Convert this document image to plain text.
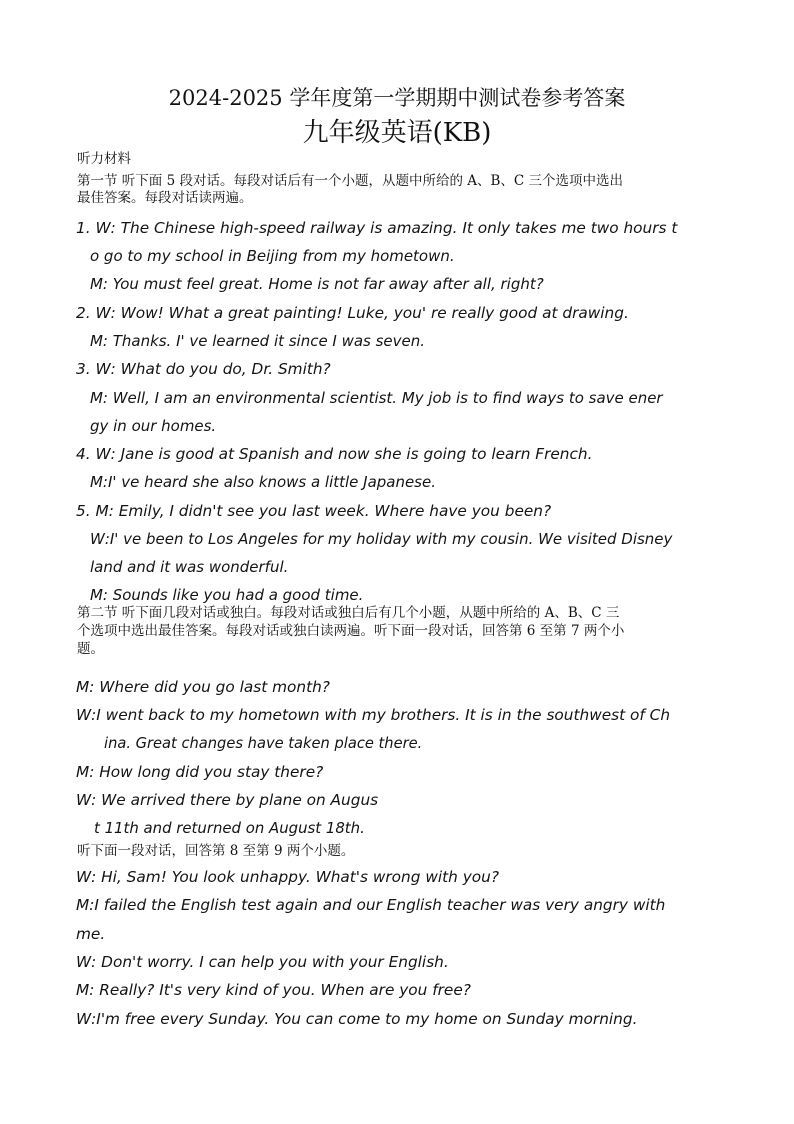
2024-2025 学年度第一学期期中测试卷参考答案
九年级英语(KB)
听力材料
第一节 听下面 5 段对话。每段对话后有一个小题，从题中所给的 A、B、C 三个选项中选出
最佳答案。每段对话读两遍。
1. W: The Chinese high-speed railway is amazing. It only takes me two hours t
o go to my school in Beijing from my hometown.
M: You must feel great. Home is not far away after all, right?
2. W: Wow! What a great painting! Luke, you' re really good at drawing.
M: Thanks. I' ve learned it since I was seven.
3. W: What do you do, Dr. Smith?
M: Well, I am an environmental scientist. My job is to find ways to save ener
gy in our homes.
4. W: Jane is good at Spanish and now she is going to learn French.
M:I' ve heard she also knows a little Japanese.
5. M: Emily, I didn't see you last week. Where have you been?
W:I' ve been to Los Angeles for my holiday with my cousin. We visited Disney
land and it was wonderful.
M: Sounds like you had a good time.
第二节 听下面几段对话或独白。每段对话或独白后有几个小题，从题中所给的 A、B、C 三
个选项中选出最佳答案。每段对话或独白读两遍。听下面一段对话，回答第 6 至第 7 两个小
题。
M: Where did you go last month?
W:I went back to my hometown with my brothers. It is in the southwest of Ch
ina. Great changes have taken place there.
M: How long did you stay there?
W: We arrived there by plane on Augus
t 11th and returned on August 18th.
听下面一段对话，回答第 8 至第 9 两个小题。
W: Hi, Sam! You look unhappy. What's wrong with you?
M:I failed the English test again and our English teacher was very angry with
me.
W: Don't worry. I can help you with your English.
M: Really? It's very kind of you. When are you free?
W:I'm free every Sunday. You can come to my home on Sunday morning.
